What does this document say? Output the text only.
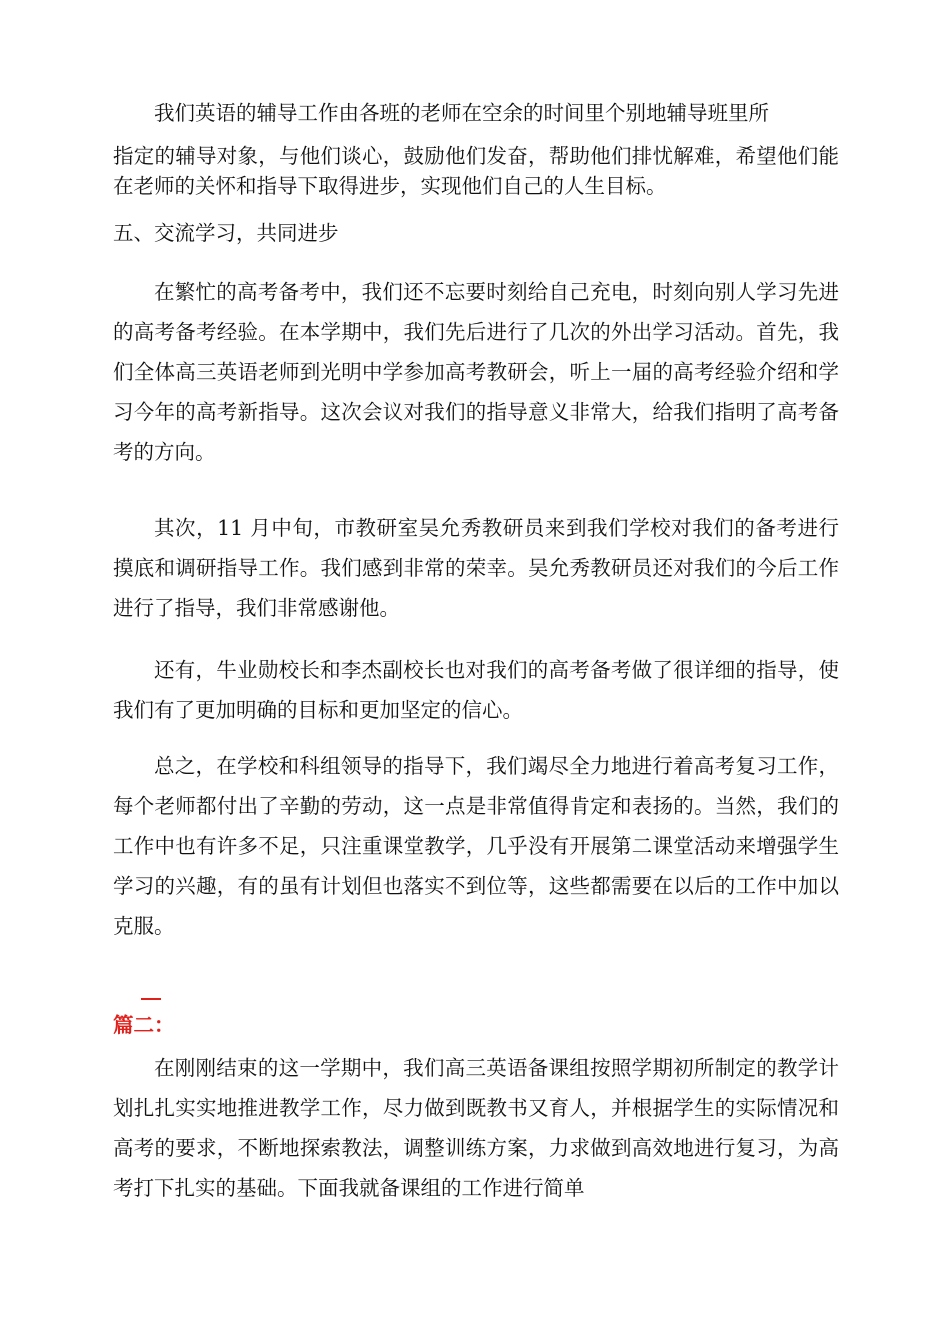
我们英语的辅导工作由各班的老师在空余的时间里个别地辅导班里所

指定的辅导对象，与他们谈心，鼓励他们发奋，帮助他们排忧解难，希望他们能在老师的关怀和指导下取得进步，实现他们自己的人生目标。

五、交流学习，共同进步

在繁忙的高考备考中，我们还不忘要时刻给自己充电，时刻向别人学习先进的高考备考经验。在本学期中，我们先后进行了几次的外出学习活动。首先，我们全体高三英语老师到光明中学参加高考教研会，听上一届的高考经验介绍和学习今年的高考新指导。这次会议对我们的指导意义非常大，给我们指明了高考备考的方向。

其次，11 月中旬，市教研室吴允秀教研员来到我们学校对我们的备考进行摸底和调研指导工作。我们感到非常的荣幸。吴允秀教研员还对我们的今后工作进行了指导，我们非常感谢他。

还有，牛业勋校长和李杰副校长也对我们的高考备考做了很详细的指导，使我们有了更加明确的目标和更加坚定的信心。

总之，在学校和科组领导的指导下，我们竭尽全力地进行着高考复习工作，每个老师都付出了辛勤的劳动，这一点是非常值得肯定和表扬的。当然，我们的工作中也有许多不足，只注重课堂教学，几乎没有开展第二课堂活动来增强学生学习的兴趣，有的虽有计划但也落实不到位等，这些都需要在以后的工作中加以克服。

篇二：

在刚刚结束的这一学期中，我们高三英语备课组按照学期初所制定的教学计划扎扎实实地推进教学工作，尽力做到既教书又育人，并根据学生的实际情况和高考的要求，不断地探索教法，调整训练方案，力求做到高效地进行复习，为高考打下扎实的基础。下面我就备课组的工作进行简单
